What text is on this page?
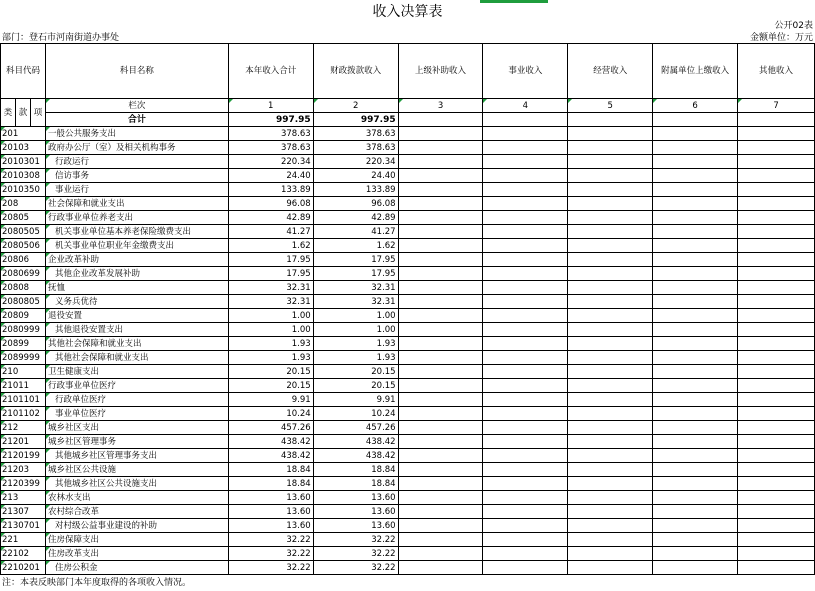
收入决算表
公开02表
金额单位：万元
部门：登石市河南街道办事处
科目代码			科目名称	本年收入合计	财政拨款收入	上级补助收入	事业收入	经营收入	附属单位上缴收入	其他收入
类	款	项	栏次	1	2	3	4	5	6	7
			合计	997.95	997.95					
201			一般公共服务支出	378.63	378.63					
20103			政府办公厅（室）及相关机构事务	378.63	378.63					
2010301			行政运行	220.34	220.34					
2010308			信访事务	24.40	24.40					
2010350			事业运行	133.89	133.89					
208			社会保障和就业支出	96.08	96.08					
20805			行政事业单位养老支出	42.89	42.89					
2080505			机关事业单位基本养老保险缴费支出	41.27	41.27					
2080506			机关事业单位职业年金缴费支出	1.62	1.62					
20806			企业改革补助	17.95	17.95					
2080699			其他企业改革发展补助	17.95	17.95					
20808			抚恤	32.31	32.31					
2080805			义务兵优待	32.31	32.31					
20809			退役安置	1.00	1.00					
2080999			其他退役安置支出	1.00	1.00					
20899			其他社会保障和就业支出	1.93	1.93					
2089999			其他社会保障和就业支出	1.93	1.93					
210			卫生健康支出	20.15	20.15					
21011			行政事业单位医疗	20.15	20.15					
2101101			行政单位医疗	9.91	9.91					
2101102			事业单位医疗	10.24	10.24					
212			城乡社区支出	457.26	457.26					
21201			城乡社区管理事务	438.42	438.42					
2120199			其他城乡社区管理事务支出	438.42	438.42					
21203			城乡社区公共设施	18.84	18.84					
2120399			其他城乡社区公共设施支出	18.84	18.84					
213			农林水支出	13.60	13.60					
21307			农村综合改革	13.60	13.60					
2130701			对村级公益事业建设的补助	13.60	13.60					
221			住房保障支出	32.22	32.22					
22102			住房改革支出	32.22	32.22					
2210201			住房公积金	32.22	32.22					
注：本表反映部门本年度取得的各项收入情况。
